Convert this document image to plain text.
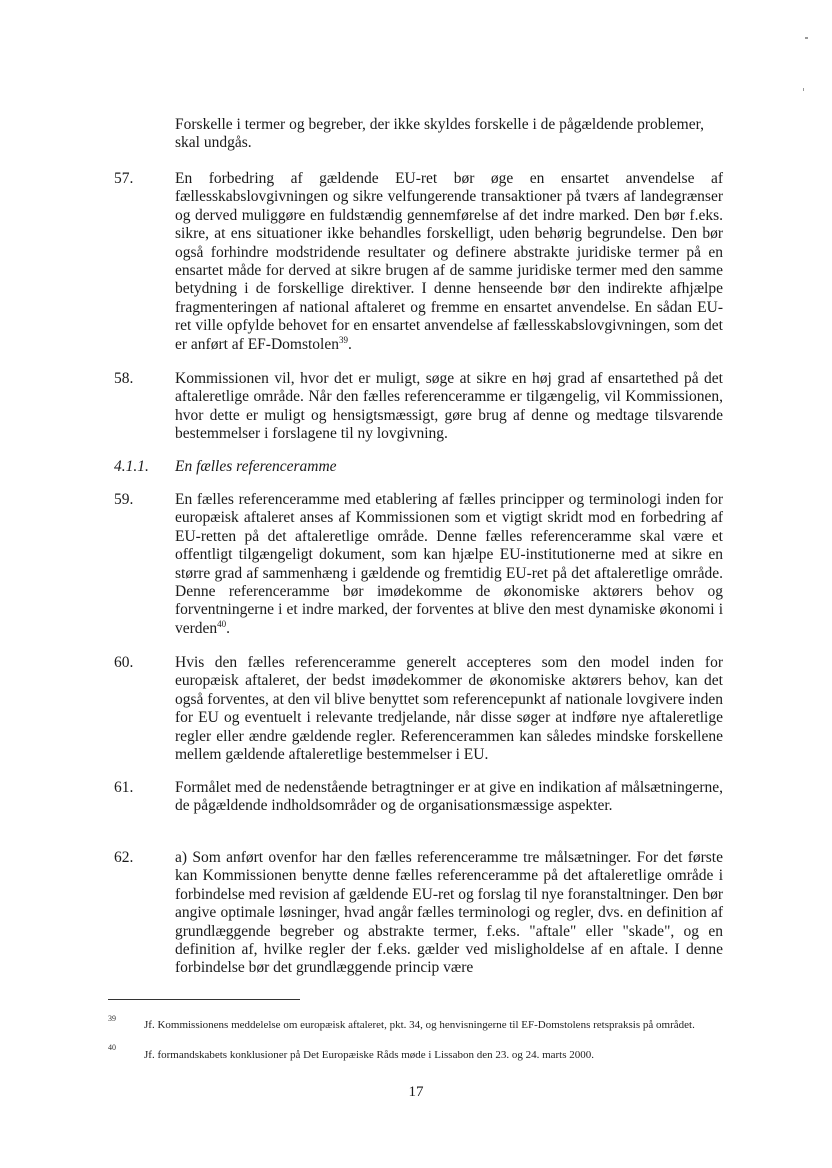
Forskelle i termer og begreber, der ikke skyldes forskelle i de pågældende problemer, skal undgås.
57.	En forbedring af gældende EU-ret bør øge en ensartet anvendelse af fællesskabslovgivningen og sikre velfungerende transaktioner på tværs af landegrænser og derved muliggøre en fuldstændig gennemførelse af det indre marked. Den bør f.eks. sikre, at ens situationer ikke behandles forskelligt, uden behørig begrundelse. Den bør også forhindre modstridende resultater og definere abstrakte juridiske termer på en ensartet måde for derved at sikre brugen af de samme juridiske termer med den samme betydning i de forskellige direktiver. I denne henseende bør den indirekte afhjælpe fragmenteringen af national aftaleret og fremme en ensartet anvendelse. En sådan EU-ret ville opfylde behovet for en ensartet anvendelse af fællesskabslovgivningen, som det er anført af EF-Domstolen$^{39}$.
58.	Kommissionen vil, hvor det er muligt, søge at sikre en høj grad af ensartethed på det aftaleretlige område. Når den fælles referenceramme er tilgængelig, vil Kommissionen, hvor dette er muligt og hensigtsmæssigt, gøre brug af denne og medtage tilsvarende bestemmelser i forslagene til ny lovgivning.
4.1.1. En fælles referenceramme
59.	En fælles referenceramme med etablering af fælles principper og terminologi inden for europæisk aftaleret anses af Kommissionen som et vigtigt skridt mod en forbedring af EU-retten på det aftaleretlige område. Denne fælles referenceramme skal være et offentligt tilgængeligt dokument, som kan hjælpe EU-institutionerne med at sikre en større grad af sammenhæng i gældende og fremtidig EU-ret på det aftaleretlige område. Denne referenceramme bør imødekomme de økonomiske aktørers behov og forventningerne i et indre marked, der forventes at blive den mest dynamiske økonomi i verden$^{40}$.
60.	Hvis den fælles referenceramme generelt accepteres som den model inden for europæisk aftaleret, der bedst imødekommer de økonomiske aktørers behov, kan det også forventes, at den vil blive benyttet som referencepunkt af nationale lovgivere inden for EU og eventuelt i relevante tredjelande, når disse søger at indføre nye aftaleretlige regler eller ændre gældende regler. Referencerammen kan således mindske forskellene mellem gældende aftaleretlige bestemmelser i EU.
61.	Formålet med de nedenstående betragtninger er at give en indikation af målsætningerne, de pågældende indholdsområder og de organisationsmæssige aspekter.
62.	a) Som anført ovenfor har den fælles referenceramme tre målsætninger. For det første kan Kommissionen benytte denne fælles referenceramme på det aftaleretlige område i forbindelse med revision af gældende EU-ret og forslag til nye foranstaltninger. Den bør angive optimale løsninger, hvad angår fælles terminologi og regler, dvs. en definition af grundlæggende begreber og abstrakte termer, f.eks. "aftale" eller "skade", og en definition af, hvilke regler der f.eks. gælder ved misligholdelse af en aftale. I denne forbindelse bør det grundlæggende princip være
39
Jf. Kommissionens meddelelse om europæisk aftaleret, pkt. 34, og henvisningerne til EF-Domstolens retspraksis på området.
40
Jf. formandskabets konklusioner på Det Europæiske Råds møde i Lissabon den 23. og 24. marts 2000.
17
